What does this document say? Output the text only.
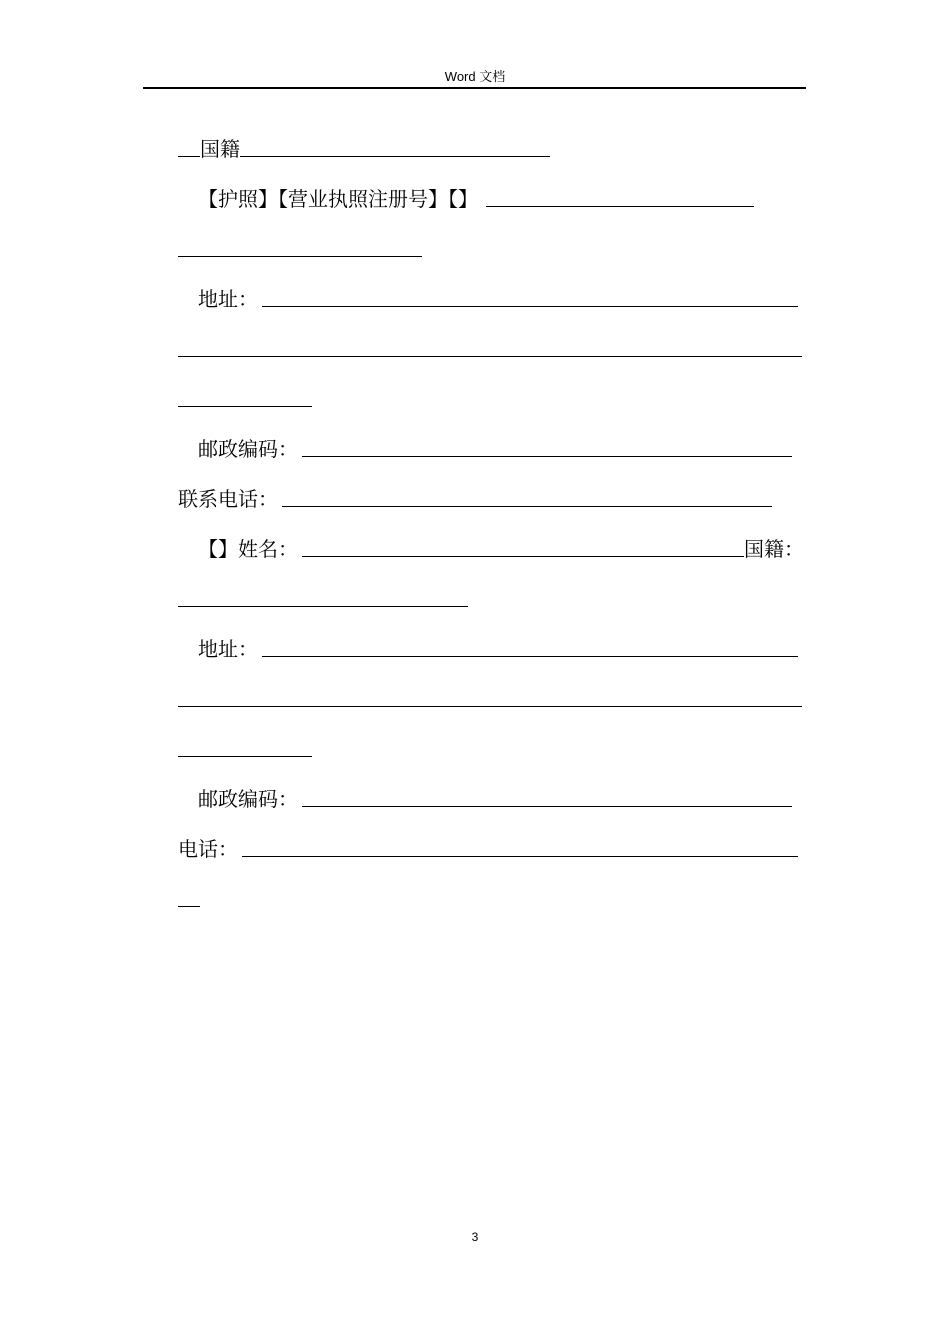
Word 文档
国籍
【护照】【营业执照注册号】【】
地址：
邮政编码：
联系电话：
【】姓名：	国籍：
地址：
邮政编码：
电话：
3
